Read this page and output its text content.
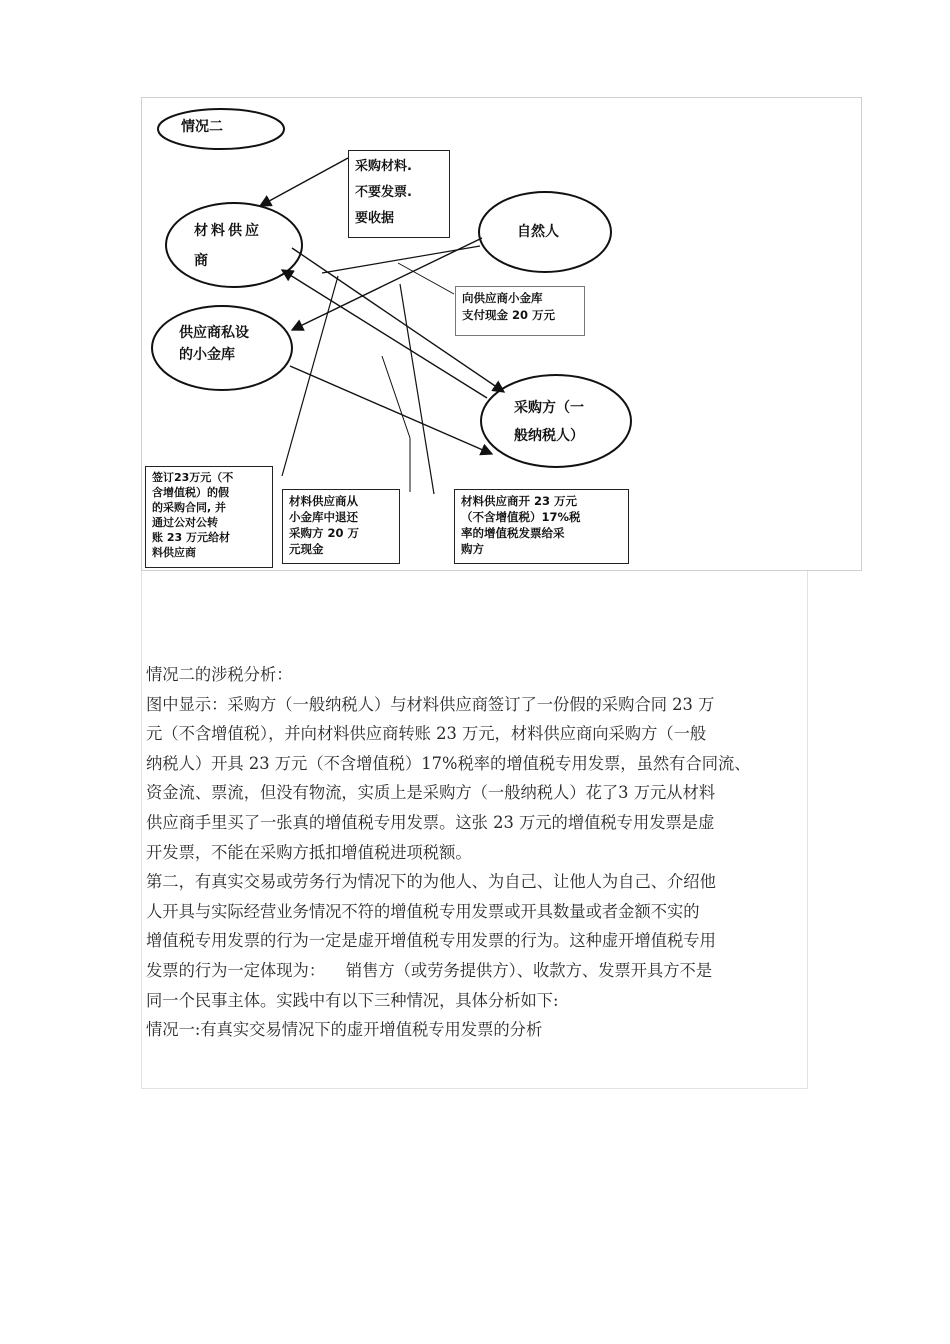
情况二
材料供应
商
自然人
供应商私设
的小金库
采购方（一
般纳税人）
采购材料.
不要发票.
要收据
向供应商小金库
支付现金 20 万元
签订23万元（不
含增值税）的假
的采购合同, 并
通过公对公转
账 23 万元给材
料供应商
材料供应商从
小金库中退还
采购方 20 万
元现金
材料供应商开 23 万元
（不含增值税）17%税
率的增值税发票给采
购方

情况二的涉税分析：

图中显示：采购方（一般纳税人）与材料供应商签订了一份假的采购合同 23 万

元（不含增值税），并向材料供应商转账 23 万元，材料供应商向采购方（一般

纳税人）开具 23 万元（不含增值税）17%税率的增值税专用发票，虽然有合同流、

资金流、票流，但没有物流，实质上是采购方（一般纳税人）花了3 万元从材料

供应商手里买了一张真的增值税专用发票。这张 23 万元的增值税专用发票是虚

开发票，不能在采购方抵扣增值税进项税额。

第二，有真实交易或劳务行为情况下的为他人、为自己、让他人为自己、介绍他

人开具与实际经营业务情况不符的增值税专用发票或开具数量或者金额不实的

增值税专用发票的行为一定是虚开增值税专用发票的行为。这种虚开增值税专用

发票的行为一定体现为：    销售方（或劳务提供方）、收款方、发票开具方不是

同一个民事主体。实践中有以下三种情况，具体分析如下:

情况一:有真实交易情况下的虚开增值税专用发票的分析
